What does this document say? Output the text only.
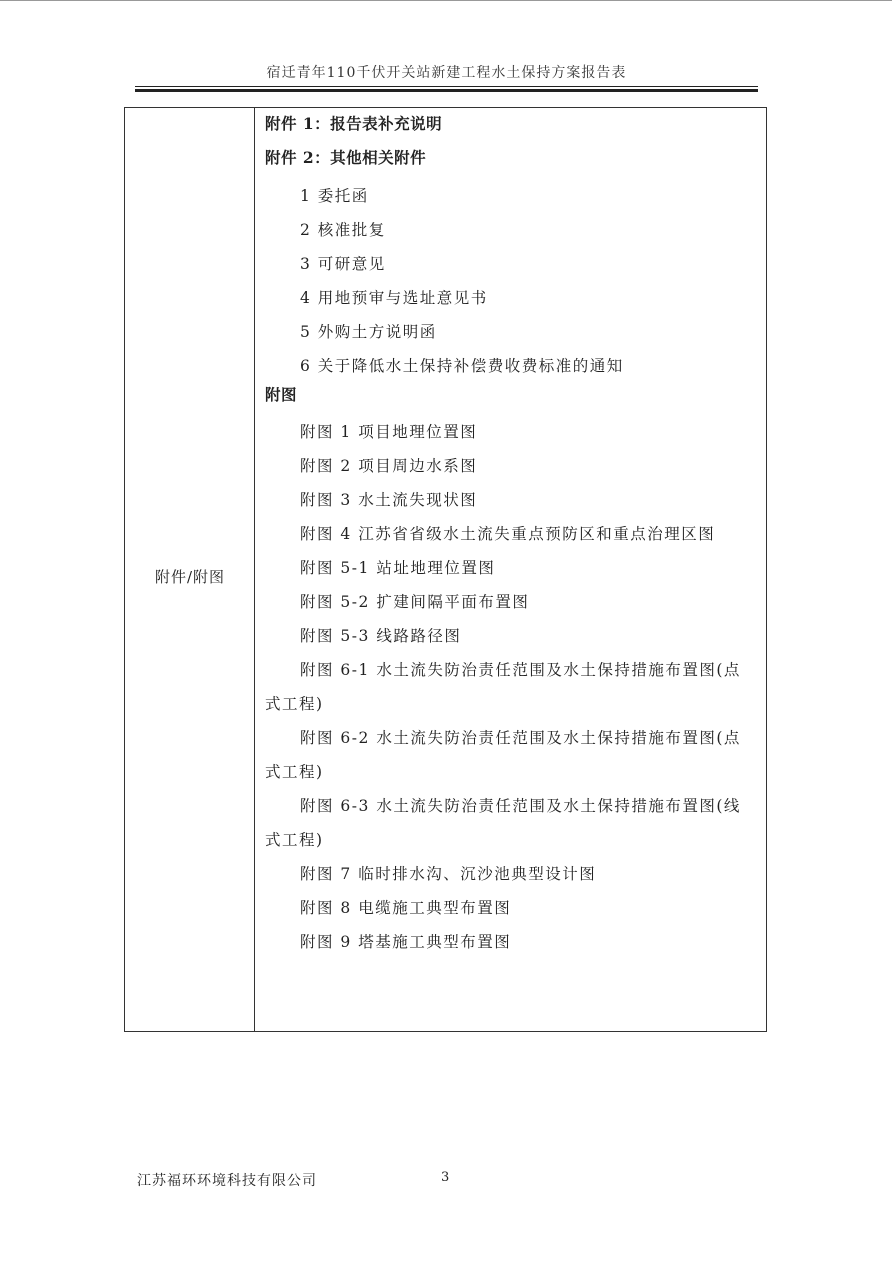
宿迁青年110千伏开关站新建工程水土保持方案报告表
附件/附图
附件 1：报告表补充说明
附件 2：其他相关附件
1 委托函
2 核准批复
3 可研意见
4 用地预审与选址意见书
5 外购土方说明函
6 关于降低水土保持补偿费收费标准的通知
附图
附图 1 项目地理位置图
附图 2 项目周边水系图
附图 3 水土流失现状图
附图 4 江苏省省级水土流失重点预防区和重点治理区图
附图 5-1 站址地理位置图
附图 5-2 扩建间隔平面布置图
附图 5-3 线路路径图
附图 6-1 水土流失防治责任范围及水土保持措施布置图(点
式工程)
附图 6-2 水土流失防治责任范围及水土保持措施布置图(点
式工程)
附图 6-3 水土流失防治责任范围及水土保持措施布置图(线
式工程)
附图 7 临时排水沟、沉沙池典型设计图
附图 8 电缆施工典型布置图
附图 9 塔基施工典型布置图
江苏福环环境科技有限公司	3
